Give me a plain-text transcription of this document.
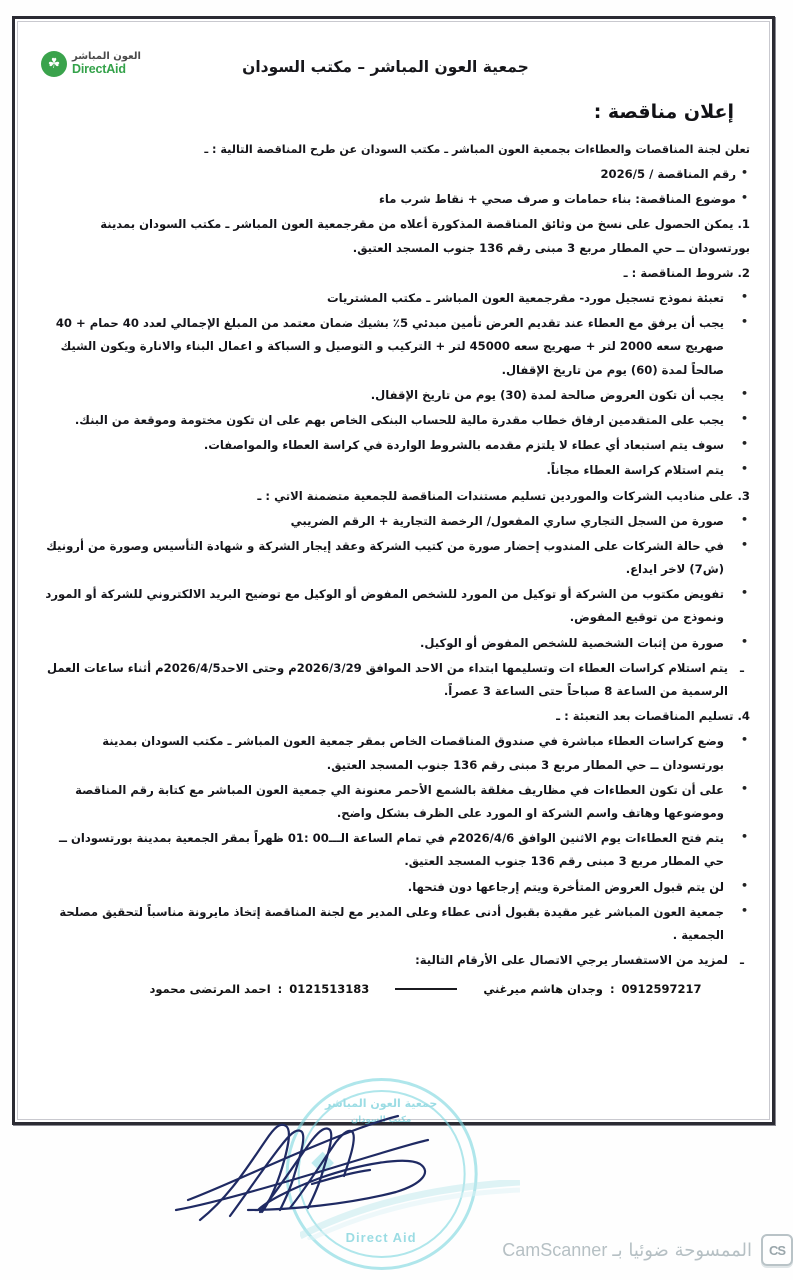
جمعية العون المباشر – مكتب السودان
العون المباشر
DirectAid
☘
إعلان مناقصة :

تعلن لجنة المناقصات والعطاءات بجمعية العون المباشر ـ مكتب السودان عن طرح المناقصة التالية : ـ

• رقم المناقصة / 2026/5

• موضوع المناقصة: بناء حمامات و صرف صحي + نقاط شرب ماء

1. يمكن الحصول على نسخ من وثائق المناقصة المذكورة أعلاه من مقرجمعية العون المباشر ـ مكتب السودان بمدينة بورتسودان ــ حي المطار مربع 3 مبنى رقم 136 جنوب المسجد العتيق.

2. شروط المناقصة : ـ

• تعبئة نموذج تسجيل مورد- مقرجمعية العون المباشر ـ مكتب المشتريات

• يجب أن يرفق مع العطاء عند تقديم العرض تأمين مبدئي 5٪ بشيك ضمان معتمد من المبلغ الإجمالي لعدد 40 حمام + 40 صهريج سعه 2000 لتر + صهريج سعه 45000 لتر + التركيب و التوصيل و السباكة و اعمال البناء والانارة ويكون الشيك صالحاً لمدة (60) يوم من تاريخ الإقفال.

• يجب أن تكون العروض صالحة لمدة (30) يوم من تاريخ الإقفال.

• يجب على المتقدمين ارفاق خطاب مقدرة مالية للحساب البنكى الخاص بهم على ان تكون مختومة وموقعة من البنك.

• سوف يتم استبعاد أي عطاء لا يلتزم مقدمه بالشروط الواردة في كراسة العطاء والمواصفات.

• يتم استلام كراسة العطاء مجاناً.

3. على مناديب الشركات والموردين تسليم مستندات المناقصة للجمعية متضمنة الاتي : ـ

• صورة من السجل التجاري ساري المفعول/ الرخصة التجارية + الرقم الضريبي

• في حالة الشركات على المندوب إحضار صورة من كتيب الشركة وعقد إيجار الشركة و شهادة التأسيس وصورة من أرونيك (ش7) لاخر ايداع.

• تفويض مكتوب من الشركة أو توكيل من المورد للشخص المفوض أو الوكيل مع توضيح البريد الالكتروني للشركة أو المورد ونموذج من توقيع المفوض.

• صورة من إثبات الشخصية للشخص المفوض أو الوكيل.

ـ يتم استلام كراسات العطاء ات وتسليمها ابتداء من الاحد الموافق 2026/3/29م وحتى الاحد2026/4/5م أثناء ساعات العمل الرسمية من الساعة 8 صباحاً حتى الساعة 3 عصراً.

4. تسليم المناقصات بعد التعبئة : ـ

• وضع كراسات العطاء مباشرة في صندوق المناقصات الخاص بمقر جمعية العون المباشر ـ مكتب السودان بمدينة بورتسودان ــ حي المطار مربع 3 مبنى رقم 136 جنوب المسجد العتيق.

• على أن تكون العطاءات في مظاريف مغلقة بالشمع الأحمر معنونة الي جمعية العون المباشر مع كتابة رقم المناقصة وموضوعها وهاتف واسم الشركة او المورد على الظرف بشكل واضح.

• يتم فتح العطاءات يوم الاثنين الوافق 2026/4/6م في تمام الساعة الـــ00 :01 ظهراً بمقر الجمعية بمدينة بورتسودان ــ حي المطار مربع 3 مبنى رقم 136 جنوب المسجد العتيق.

• لن يتم قبول العروض المتأخرة ويتم إرجاعها دون فتحها.

• جمعية العون المباشر غير مقيدة بقبول أدنى عطاء وعلى المدير مع لجنة المناقصة إتخاذ مايرونة مناسباً لتحقيق مصلحة الجمعية .

ـ لمزيد من الاستفسار يرجي الاتصال على الأرقام التالية:

0912597217
:
وجدان هاشم ميرغني
0121513183
:
احمد المرتضى محمود
جمعية العون المباشر
مكتب السودان
Direct Aid
CS
الممسوحة ضوئيا بـ CamScanner
